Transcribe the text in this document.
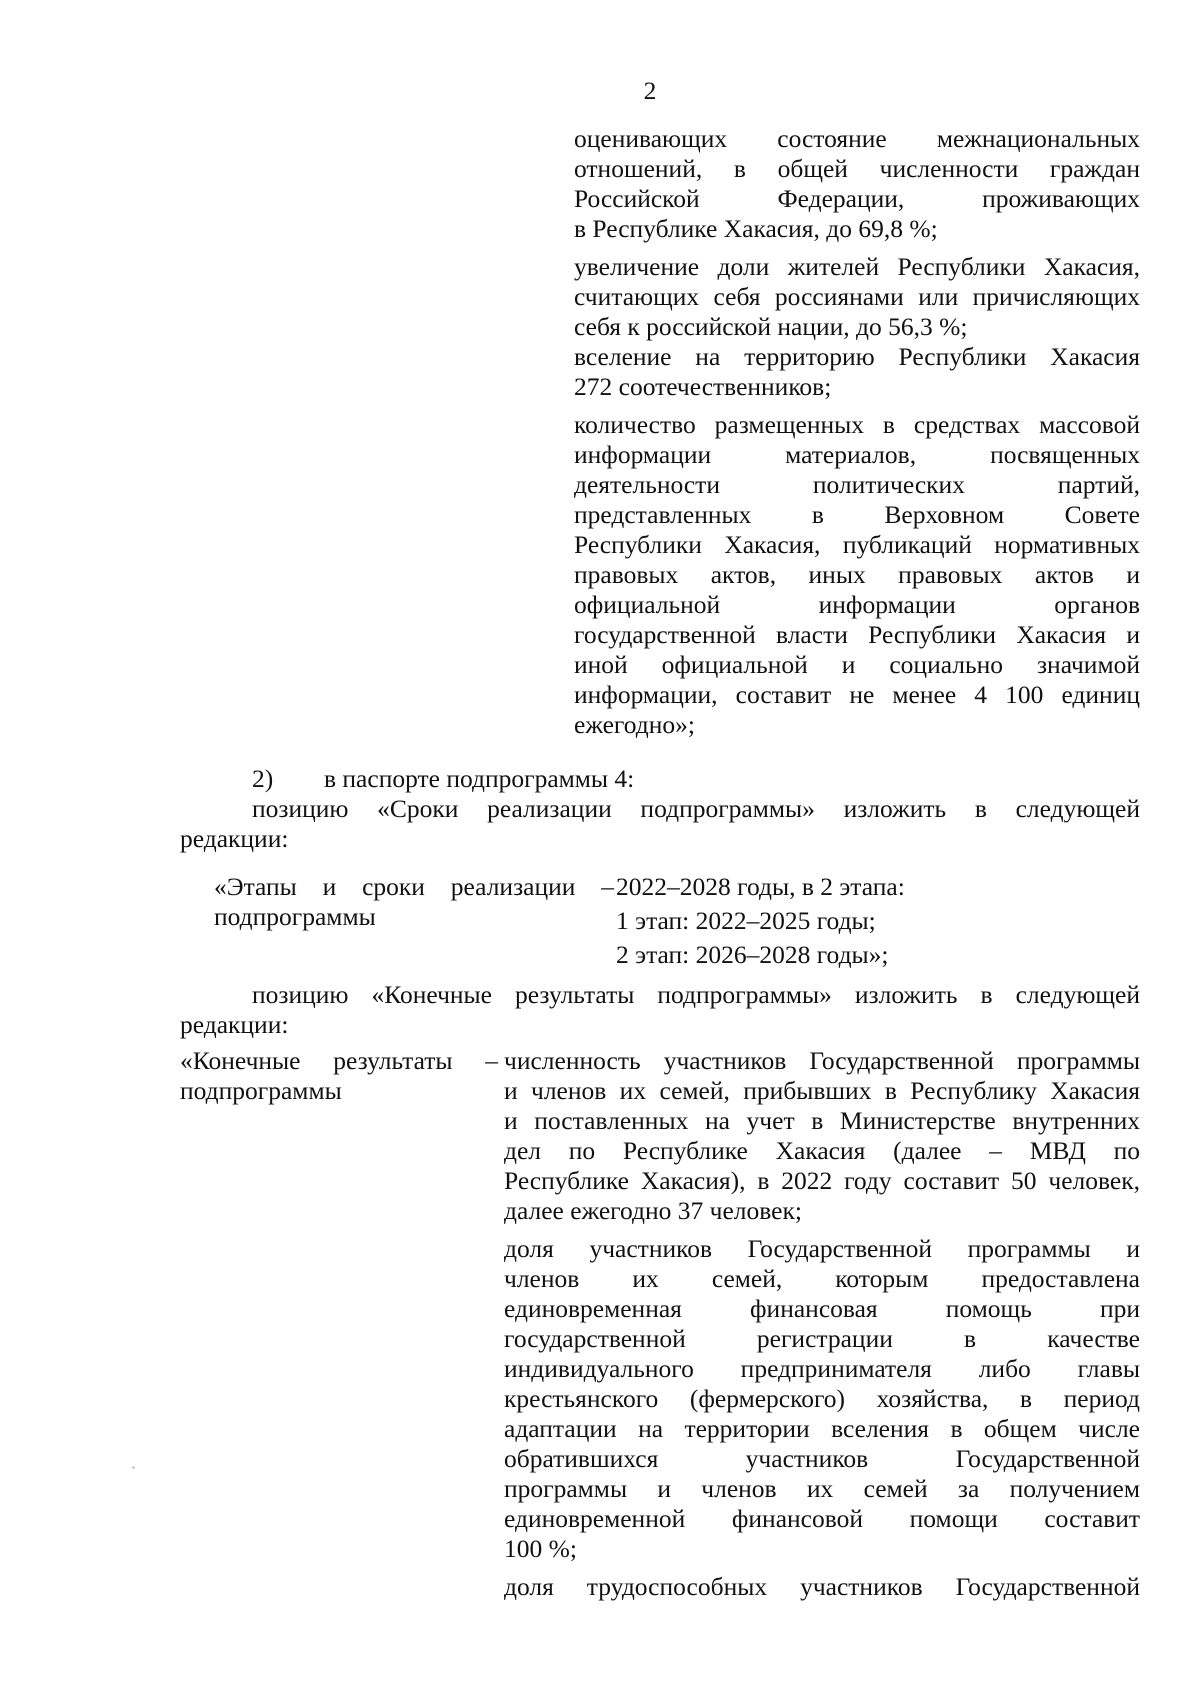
2
оценивающих состояние межнациональных
отношений, в общей численности граждан
Российской Федерации, проживающих
в Республике Хакасия, до 69,8 %;
увеличение доли жителей Республики Хакасия,
считающих себя россиянами или причисляющих
себя к российской нации, до 56,3 %;
вселение на территорию Республики Хакасия
272 соотечественников;
количество размещенных в средствах массовой
информации материалов, посвященных
деятельности политических партий,
представленных в Верховном Совете
Республики Хакасия, публикаций нормативных
правовых актов, иных правовых актов и
официальной информации органов
государственной власти Республики Хакасия и
иной официальной и социально значимой
информации, составит не менее 4 100 единиц
ежегодно»;
2) в паспорте подпрограммы 4:
позицию «Сроки реализации подпрограммы» изложить в следующей
редакции:
«Этапы и сроки реализации –
подпрограммы
2022–2028 годы, в 2 этапа:
1 этап: 2022–2025 годы;
2 этап: 2026–2028 годы»;
позицию «Конечные результаты подпрограммы» изложить в следующей
редакции:
«Конечные результаты –
подпрограммы
численность участников Государственной программы
и членов их семей, прибывших в Республику Хакасия
и поставленных на учет в Министерстве внутренних
дел по Республике Хакасия (далее – МВД по
Республике Хакасия), в 2022 году составит 50 человек,
далее ежегодно 37 человек;
доля участников Государственной программы и
членов их семей, которым предоставлена
единовременная финансовая помощь при
государственной регистрации в качестве
индивидуального предпринимателя либо главы
крестьянского (фермерского) хозяйства, в период
адаптации на территории вселения в общем числе
обратившихся участников Государственной
программы и членов их семей за получением
единовременной финансовой помощи составит
100 %;
доля трудоспособных участников Государственной
